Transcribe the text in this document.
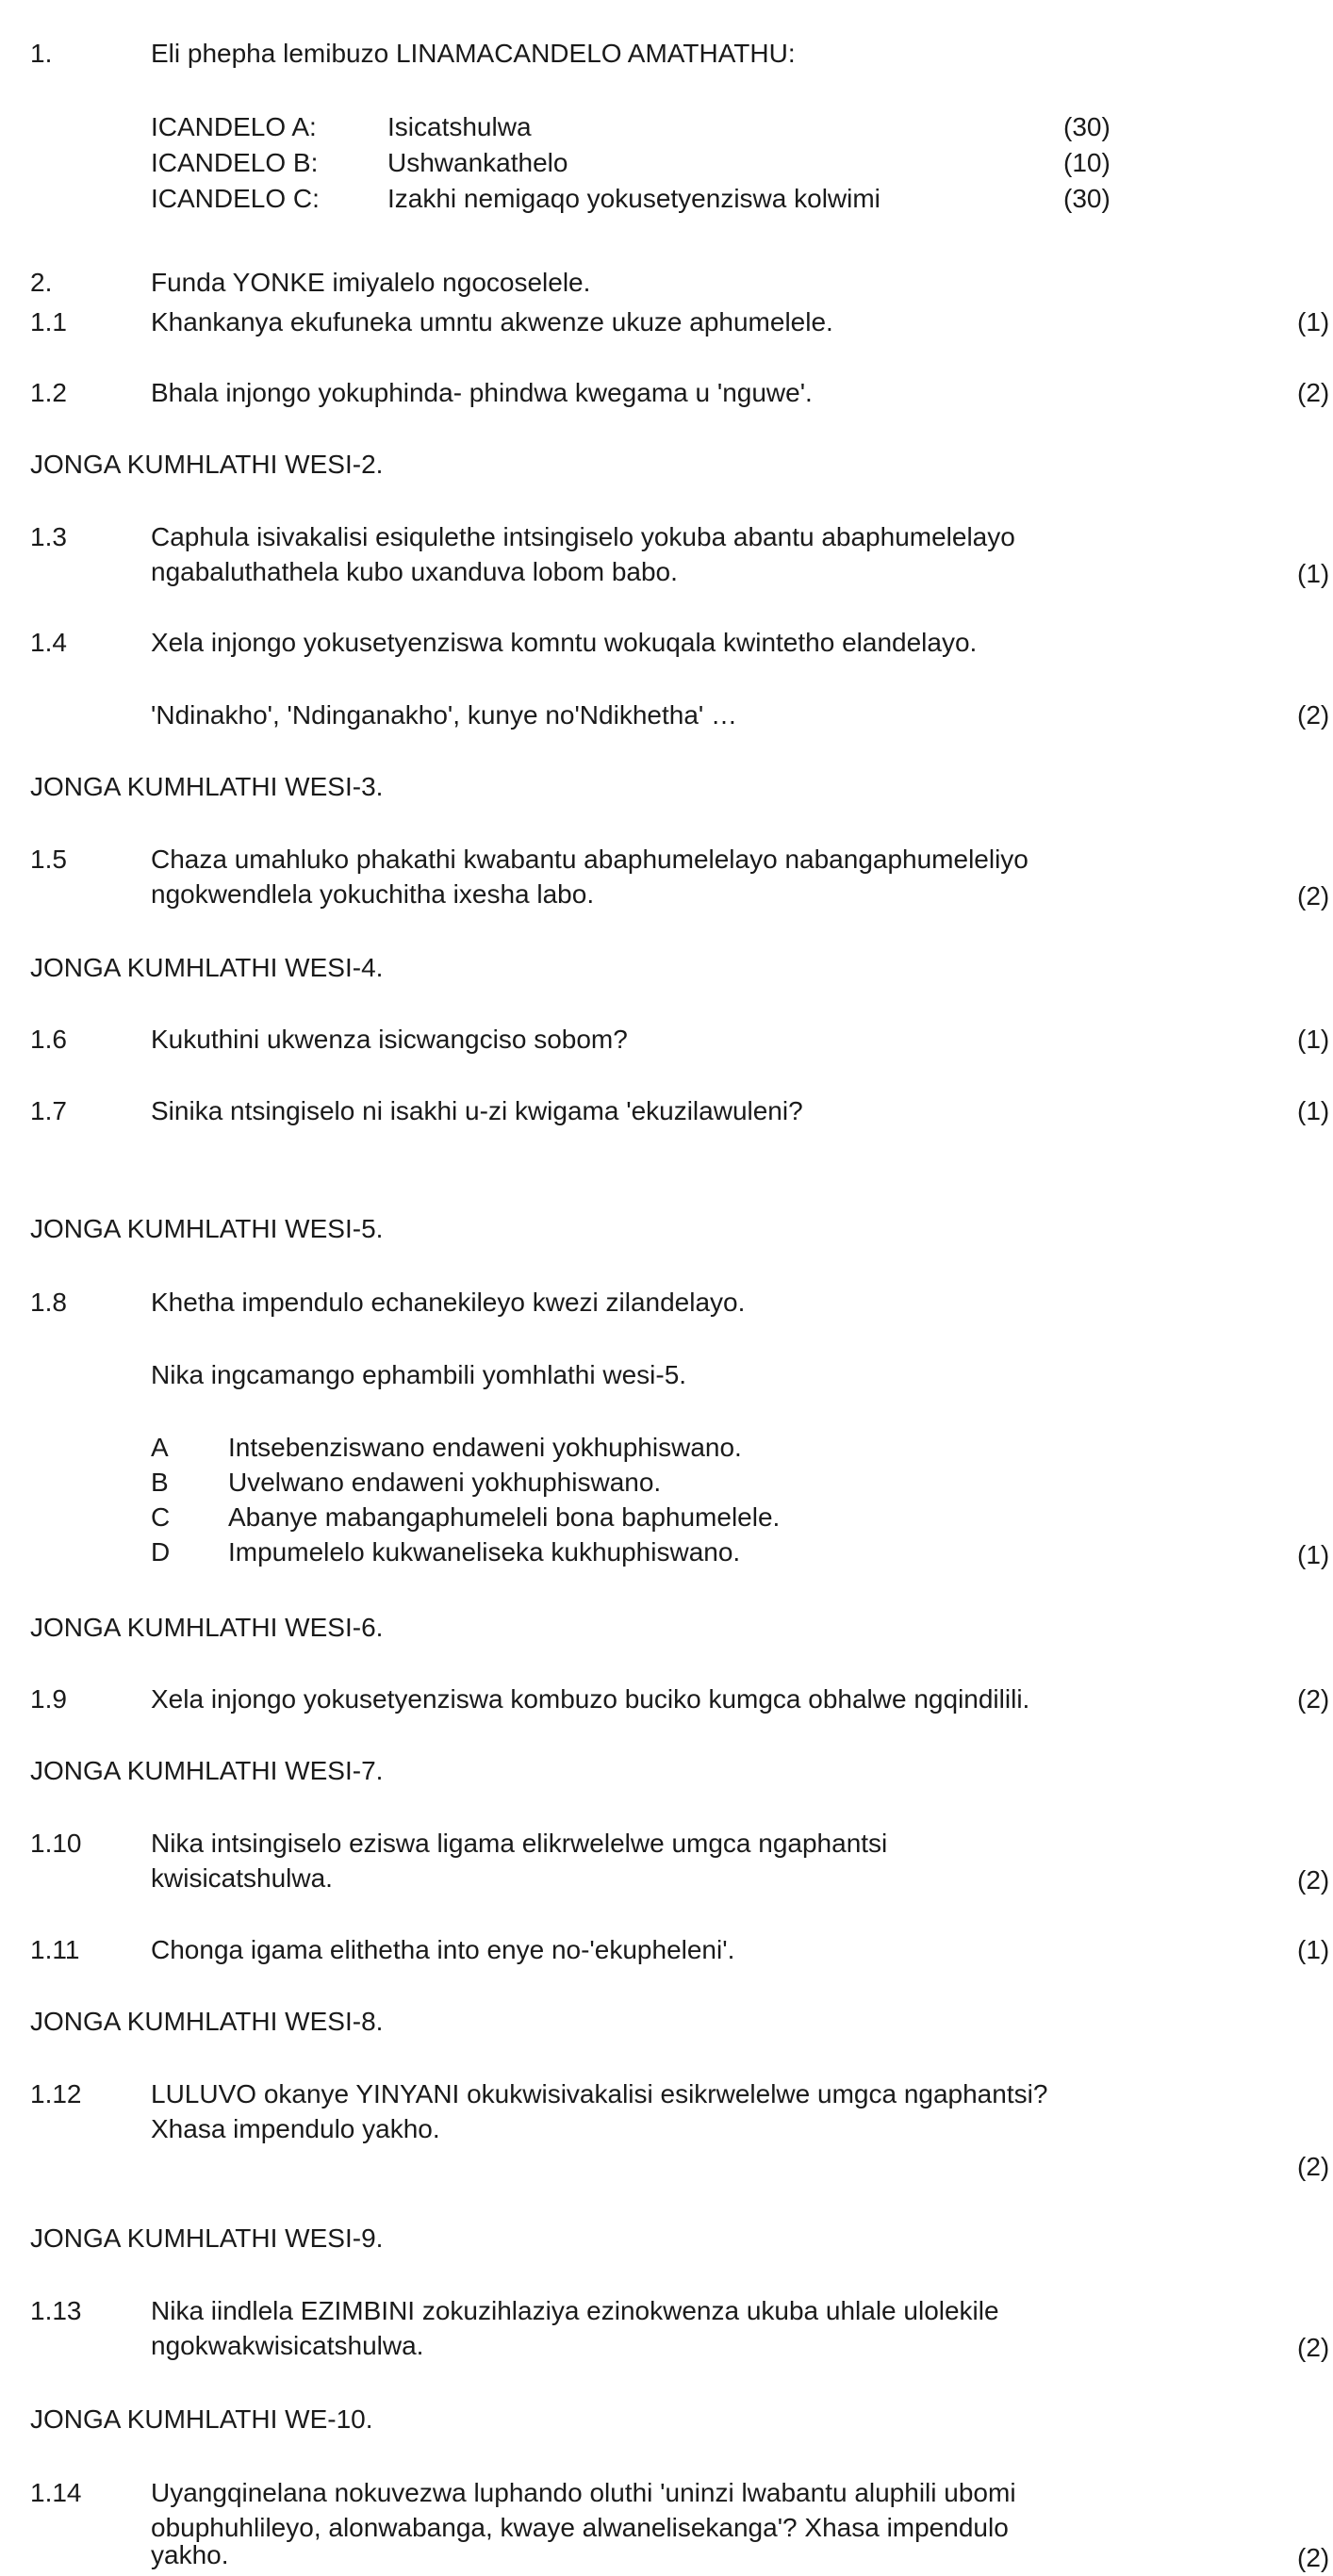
1.	Eli phepha lemibuzo LINAMACANDELO AMATHATHU:
ICANDELO A:	Isicatshulwa	(30)
ICANDELO B:	Ushwankathelo	(10)
ICANDELO C:	Izakhi nemigaqo yokusetyenziswa kolwimi	(30)
2.	Funda YONKE imiyalelo ngocoselele.
1.1	Khankanya ekufuneka umntu akwenze ukuze aphumelele.	(1)
1.2	Bhala injongo yokuphinda- phindwa kwegama u 'nguwe'.	(2)
JONGA KUMHLATHI WESI-2.
1.3	Caphula isivakalisi esiqulethe intsingiselo yokuba abantu abaphumelelayo
ngabaluthathela kubo uxanduva lobom babo.	(1)
1.4	Xela injongo yokusetyenziswa komntu wokuqala kwintetho elandelayo.
'Ndinakho', 'Ndinganakho', kunye no'Ndikhetha' …	(2)
JONGA KUMHLATHI WESI-3.
1.5	Chaza umahluko phakathi kwabantu abaphumelelayo nabangaphumeleliyo
ngokwendlela yokuchitha ixesha labo.	(2)
JONGA KUMHLATHI WESI-4.
1.6	Kukuthini ukwenza isicwangciso sobom?	(1)
1.7	Sinika ntsingiselo ni isakhi u-zi kwigama 'ekuzilawuleni?	(1)
JONGA KUMHLATHI WESI-5.
1.8	Khetha impendulo echanekileyo kwezi zilandelayo.
Nika ingcamango ephambili yomhlathi wesi-5.
A Intsebenziswano endaweni yokhuphiswano.
B Uvelwano endaweni yokhuphiswano.
C Abanye mabangaphumeleli bona baphumelele.
D Impumelelo kukwaneliseka kukhuphiswano.	(1)
JONGA KUMHLATHI WESI-6.
1.9	Xela injongo yokusetyenziswa kombuzo buciko kumgca obhalwe ngqindilili.	(2)
JONGA KUMHLATHI WESI-7.
1.10	Nika intsingiselo eziswa ligama elikrwelelwe umgca ngaphantsi
kwisicatshulwa.	(2)
1.11	Chonga igama elithetha into enye no-'ekupheleni'.	(1)
JONGA KUMHLATHI WESI-8.
1.12	LULUVO okanye YINYANI okukwisivakalisi esikrwelelwe umgca ngaphantsi?
Xhasa impendulo yakho.
(2)
JONGA KUMHLATHI WESI-9.
1.13	Nika iindlela EZIMBINI zokuzihlaziya ezinokwenza ukuba uhlale ulolekile
ngokwakwisicatshulwa.	(2)
JONGA KUMHLATHI WE-10.
1.14	Uyangqinelana nokuvezwa luphando oluthi 'uninzi lwabantu aluphili ubomi
obuphuhlileyo, alonwabanga, kwaye alwanelisekanga'? Xhasa impendulo
yakho.	(2)
